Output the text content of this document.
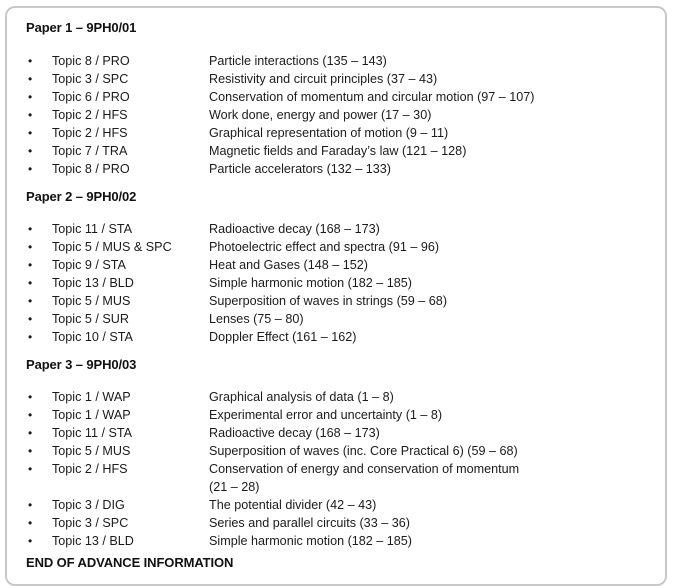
Paper 1 – 9PH0/01
• Topic 8 / PRO	Particle interactions (135 – 143)
• Topic 3 / SPC	Resistivity and circuit principles (37 – 43)
• Topic 6 / PRO	Conservation of momentum and circular motion (97 – 107)
• Topic 2 / HFS	Work done, energy and power (17 – 30)
• Topic 2 / HFS	Graphical representation of motion (9 – 11)
• Topic 7 / TRA	Magnetic fields and Faraday’s law (121 – 128)
• Topic 8 / PRO	Particle accelerators (132 – 133)
Paper 2 – 9PH0/02
• Topic 11 / STA	Radioactive decay (168 – 173)
• Topic 5 / MUS & SPC	Photoelectric effect and spectra (91 – 96)
• Topic 9 / STA	Heat and Gases (148 – 152)
• Topic 13 / BLD	Simple harmonic motion (182 – 185)
• Topic 5 / MUS	Superposition of waves in strings (59 – 68)
• Topic 5 / SUR	Lenses (75 – 80)
• Topic 10 / STA	Doppler Effect (161 – 162)
Paper 3 – 9PH0/03
• Topic 1 / WAP	Graphical analysis of data (1 – 8)
• Topic 1 / WAP	Experimental error and uncertainty (1 – 8)
• Topic 11 / STA	Radioactive decay (168 – 173)
• Topic 5 / MUS	Superposition of waves (inc. Core Practical 6) (59 – 68)
• Topic 2 / HFS	Conservation of energy and conservation of momentum
(21 – 28)
• Topic 3 / DIG	The potential divider (42 – 43)
• Topic 3 / SPC	Series and parallel circuits (33 – 36)
• Topic 13 / BLD	Simple harmonic motion (182 – 185)
END OF ADVANCE INFORMATION
